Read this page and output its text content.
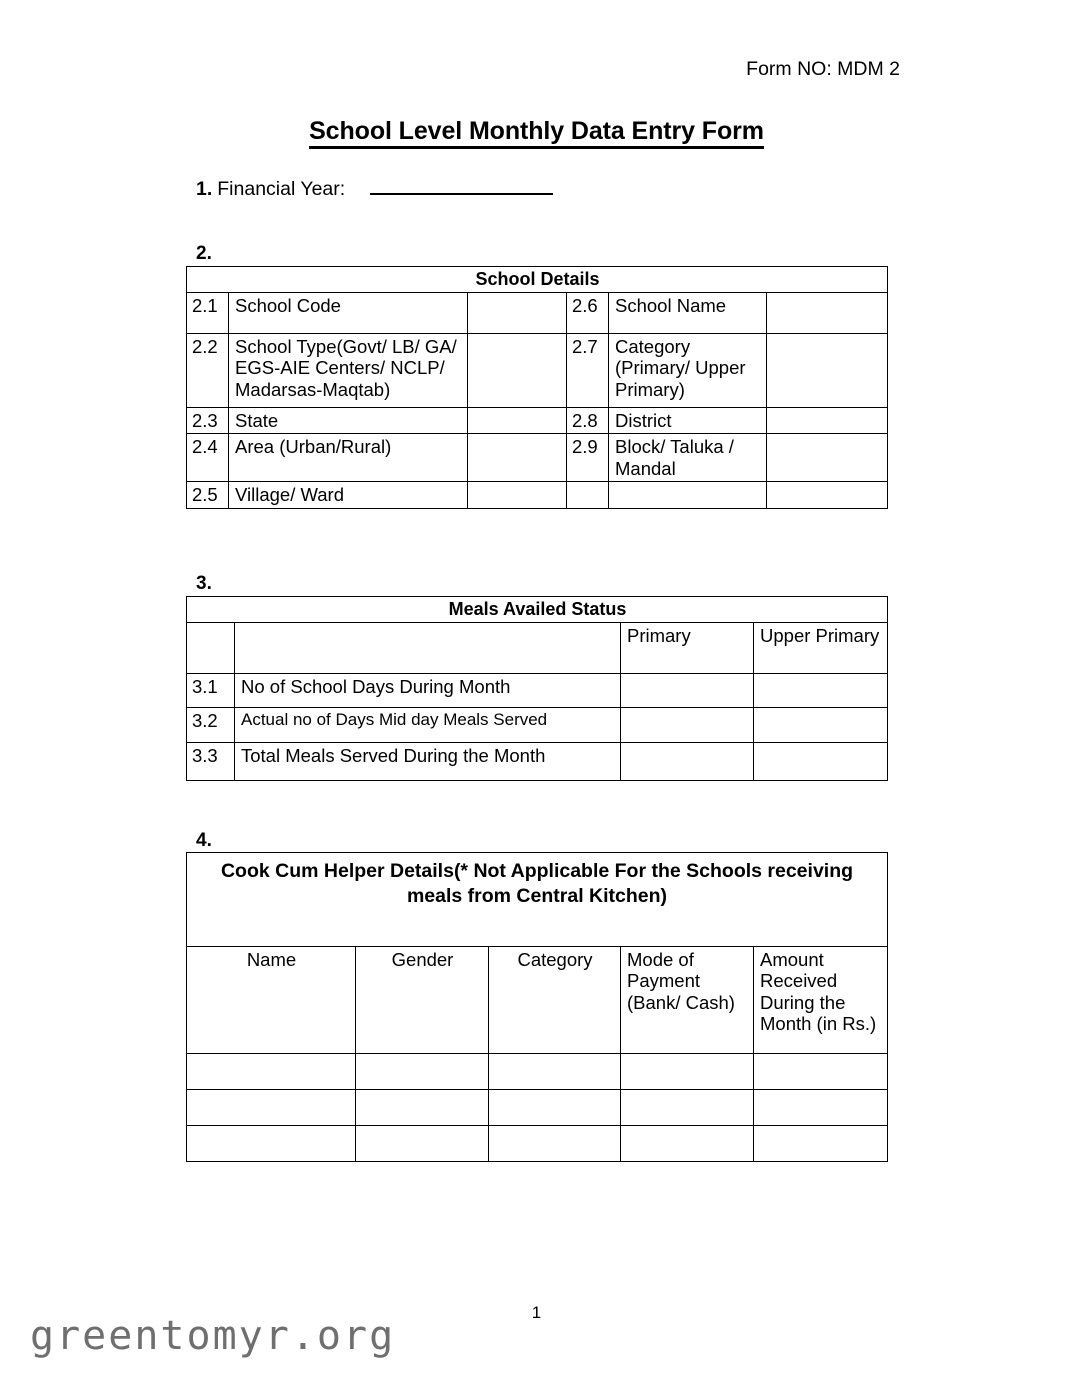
Form NO: MDM 2
School Level Monthly Data Entry Form
1. Financial Year:
2.
School Details					
2.1	School Code		2.6	School Name	
2.2	School Type(Govt/ LB/ GA/ EGS-AIE Centers/ NCLP/ Madarsas-Maqtab)		2.7	Category (Primary/ Upper Primary)	
2.3	State		2.8	District	
2.4	Area (Urban/Rural)		2.9	Block/ Taluka / Mandal	
2.5	Village/ Ward				
3.
Meals Availed Status			
		Primary	Upper Primary
3.1	No of School Days During Month		
3.2	Actual no of Days Mid day Meals Served		
3.3	Total Meals Served During the Month		
4.
Cook Cum Helper Details(* Not Applicable For the Schools receiving meals from Central Kitchen)				
Name	Gender	Category	Mode of Payment (Bank/ Cash)	Amount Received During the Month (in Rs.)

1
greentomyr.org
